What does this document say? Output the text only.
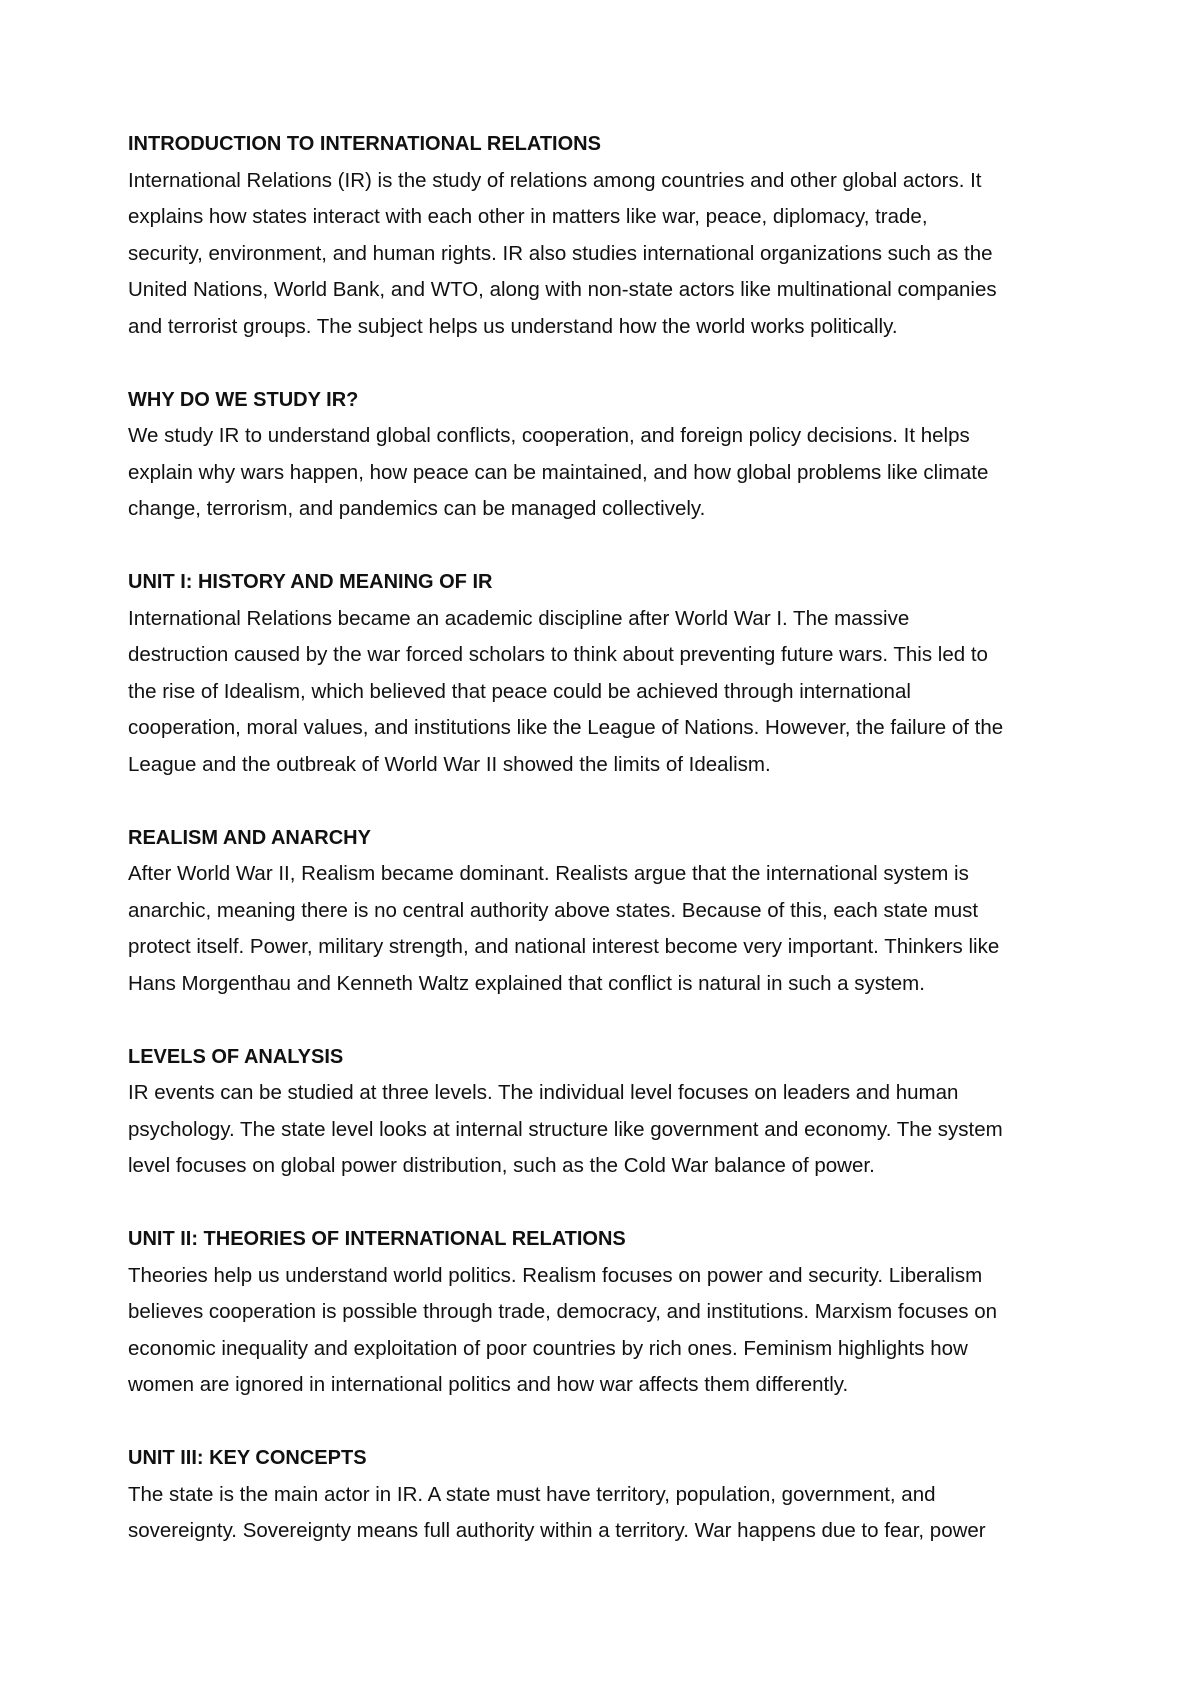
INTRODUCTION TO INTERNATIONAL RELATIONS

International Relations (IR) is the study of relations among countries and other global actors. It

explains how states interact with each other in matters like war, peace, diplomacy, trade,

security, environment, and human rights. IR also studies international organizations such as the

United Nations, World Bank, and WTO, along with non-state actors like multinational companies

and terrorist groups. The subject helps us understand how the world works politically.

WHY DO WE STUDY IR?

We study IR to understand global conflicts, cooperation, and foreign policy decisions. It helps

explain why wars happen, how peace can be maintained, and how global problems like climate

change, terrorism, and pandemics can be managed collectively.

UNIT I: HISTORY AND MEANING OF IR

International Relations became an academic discipline after World War I. The massive

destruction caused by the war forced scholars to think about preventing future wars. This led to

the rise of Idealism, which believed that peace could be achieved through international

cooperation, moral values, and institutions like the League of Nations. However, the failure of the

League and the outbreak of World War II showed the limits of Idealism.

REALISM AND ANARCHY

After World War II, Realism became dominant. Realists argue that the international system is

anarchic, meaning there is no central authority above states. Because of this, each state must

protect itself. Power, military strength, and national interest become very important. Thinkers like

Hans Morgenthau and Kenneth Waltz explained that conflict is natural in such a system.

LEVELS OF ANALYSIS

IR events can be studied at three levels. The individual level focuses on leaders and human

psychology. The state level looks at internal structure like government and economy. The system

level focuses on global power distribution, such as the Cold War balance of power.

UNIT II: THEORIES OF INTERNATIONAL RELATIONS

Theories help us understand world politics. Realism focuses on power and security. Liberalism

believes cooperation is possible through trade, democracy, and institutions. Marxism focuses on

economic inequality and exploitation of poor countries by rich ones. Feminism highlights how

women are ignored in international politics and how war affects them differently.

UNIT III: KEY CONCEPTS

The state is the main actor in IR. A state must have territory, population, government, and

sovereignty. Sovereignty means full authority within a territory. War happens due to fear, power
